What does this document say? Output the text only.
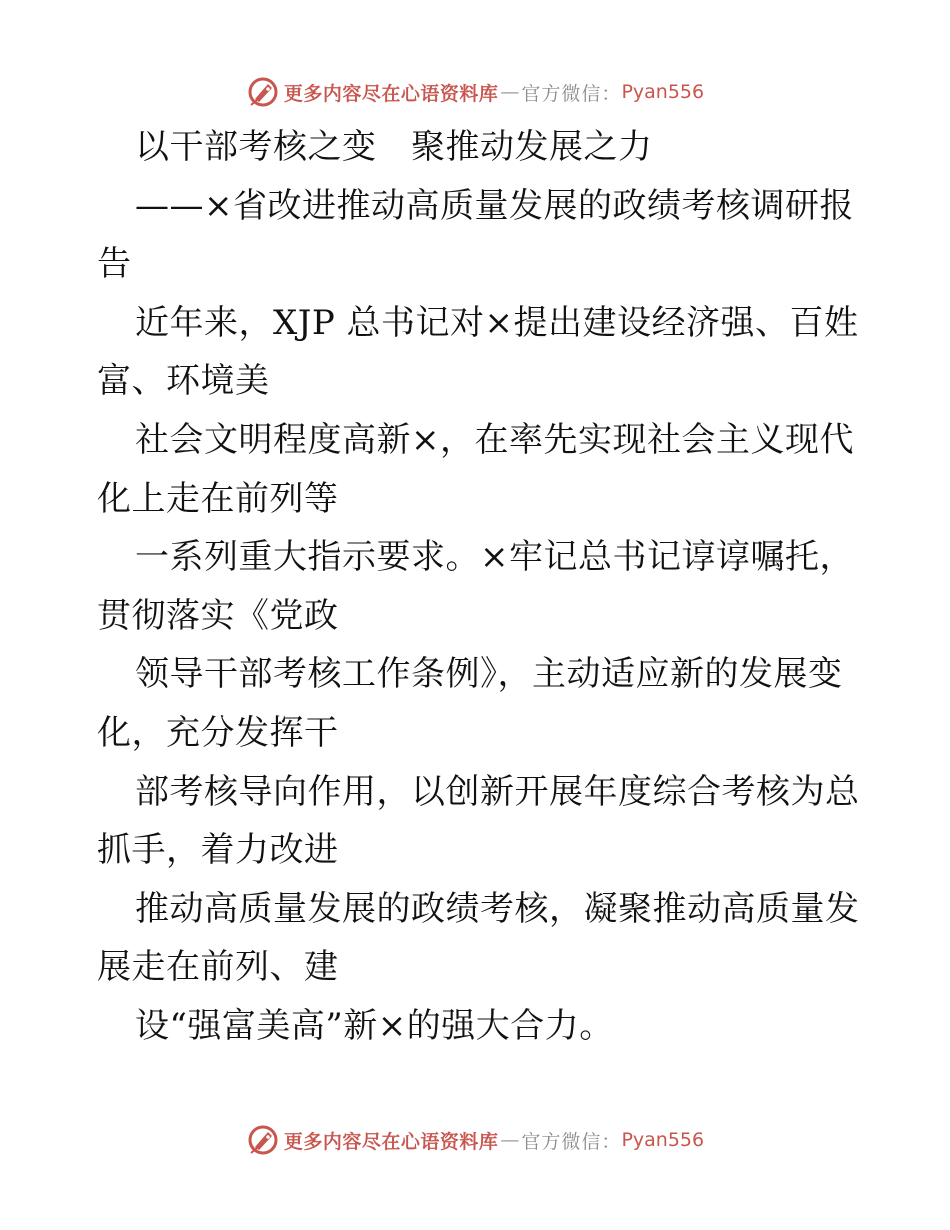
更多内容尽在心语资料库 — 官方微信： Pyan556
以干部考核之变　聚推动发展之力
——×省改进推动高质量发展的政绩考核调研报
告
近年来，XJP 总书记对×提出建设经济强、百姓
富、环境美
社会文明程度高新×，在率先实现社会主义现代
化上走在前列等
一系列重大指示要求。×牢记总书记谆谆嘱托，
贯彻落实《党政
领导干部考核工作条例》，主动适应新的发展变
化，充分发挥干
部考核导向作用，以创新开展年度综合考核为总
抓手，着力改进
推动高质量发展的政绩考核，凝聚推动高质量发
展走在前列、建
设“强富美高”新×的强大合力。
更多内容尽在心语资料库 — 官方微信： Pyan556
